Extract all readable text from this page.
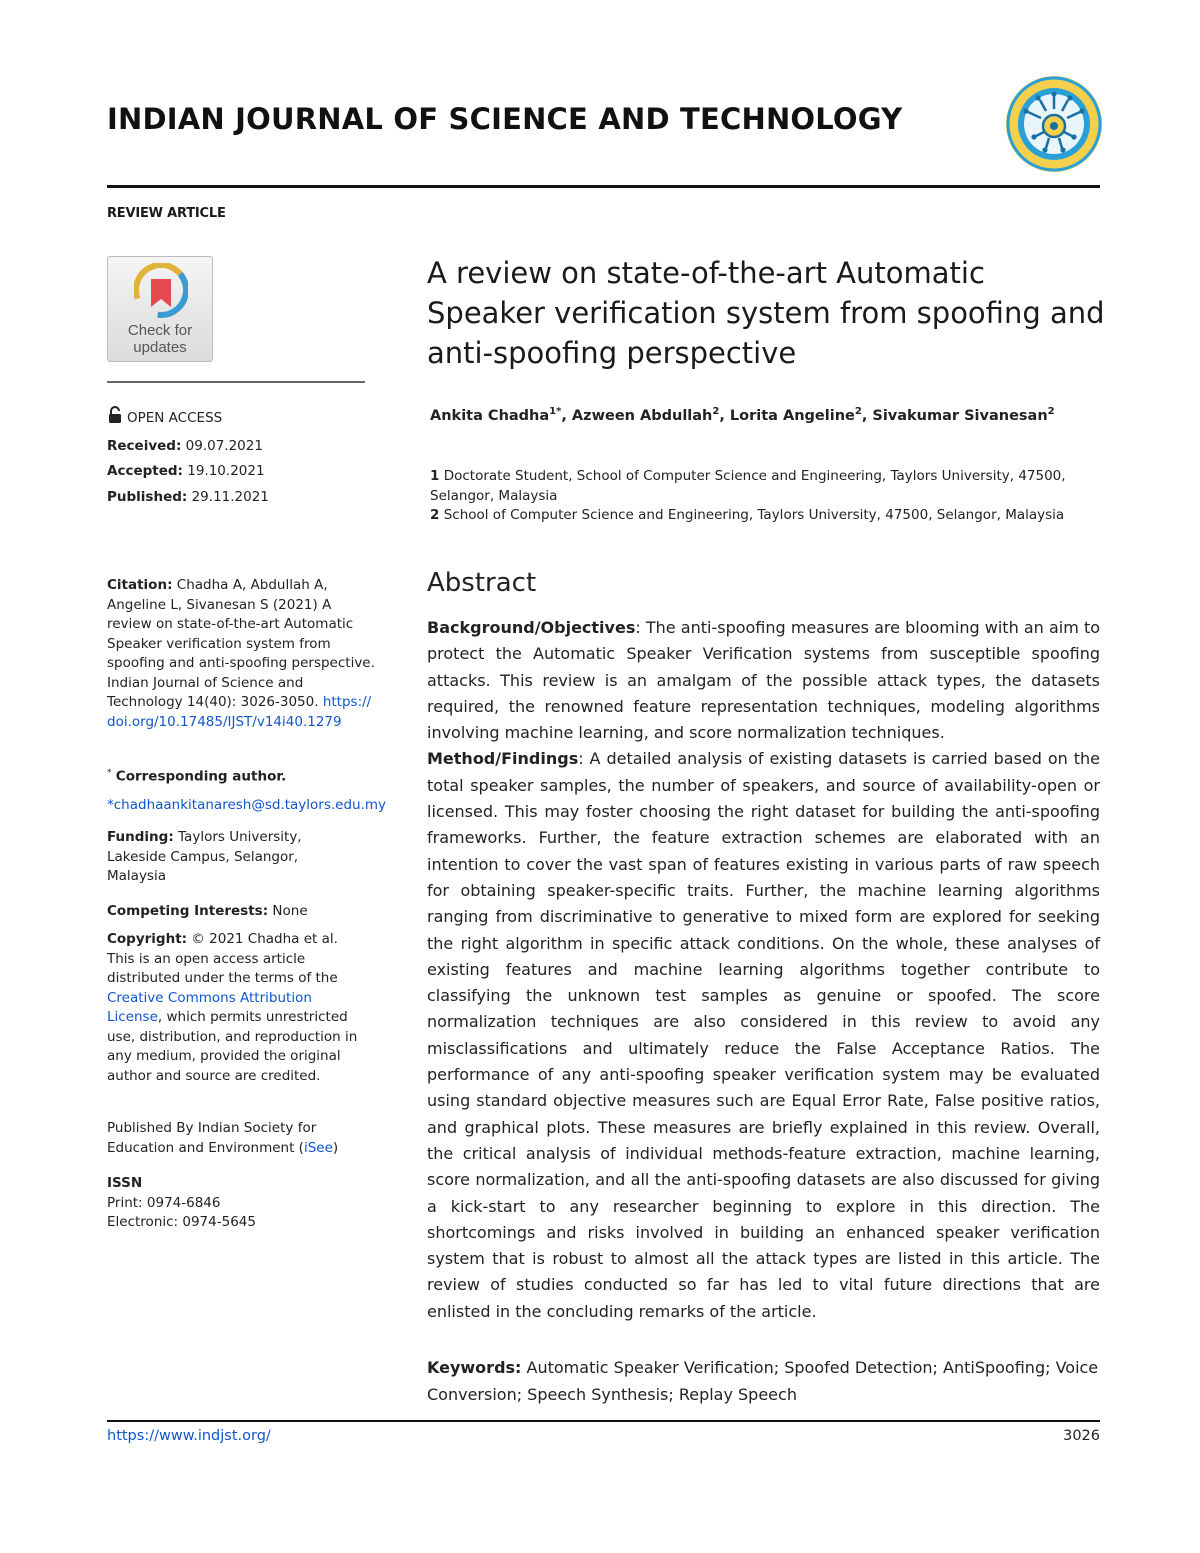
INDIAN JOURNAL OF SCIENCE AND TECHNOLOGY
REVIEW ARTICLE
Check for
updates
OPEN ACCESS
Received: 09.07.2021
Accepted: 19.10.2021
Published: 29.11.2021
Citation: Chadha A, Abdullah A, Angeline L, Sivanesan S (2021) A review on state-of-the-art Automatic Speaker verification system from spoofing and anti-spoofing perspective. Indian Journal of Science and Technology 14(40): 3026-3050. https://doi.org/10.17485/IJST/v14i40.1279
* Corresponding author.
*chadhaankitanaresh@sd.taylors.edu.my
Funding: Taylors University, Lakeside Campus, Selangor, Malaysia
Competing Interests: None
Copyright: © 2021 Chadha et al. This is an open access article distributed under the terms of the Creative Commons Attribution License, which permits unrestricted use, distribution, and reproduction in any medium, provided the original author and source are credited.
Published By Indian Society for Education and Environment (iSee)
ISSN
Print: 0974-6846
Electronic: 0974-5645
A review on state-of-the-art Automatic Speaker verification system from spoofing and anti-spoofing perspective
Ankita Chadha$^{1*}$, Azween Abdullah$^2$, Lorita Angeline$^2$, Sivakumar Sivanesan$^2$
1 Doctorate Student, School of Computer Science and Engineering, Taylors University, 47500, Selangor, Malaysia
2 School of Computer Science and Engineering, Taylors University, 47500, Selangor, Malaysia
Abstract
Background/Objectives: The anti-spoofing measures are blooming with an aim to protect the Automatic Speaker Verification systems from susceptible spoofing attacks. This review is an amalgam of the possible attack types, the datasets required, the renowned feature representation techniques, modeling algorithms involving machine learning, and score normalization techniques.
Method/Findings: A detailed analysis of existing datasets is carried based on the total speaker samples, the number of speakers, and source of availability-open or licensed. This may foster choosing the right dataset for building the anti-spoofing frameworks. Further, the feature extraction schemes are elaborated with an intention to cover the vast span of features existing in various parts of raw speech for obtaining speaker-specific traits. Further, the machine learning algorithms ranging from discriminative to generative to mixed form are explored for seeking the right algorithm in specific attack conditions. On the whole, these analyses of existing features and machine learning algorithms together contribute to classifying the unknown test samples as genuine or spoofed. The score normalization techniques are also considered in this review to avoid any misclassifications and ultimately reduce the False Acceptance Ratios. The performance of any anti-spoofing speaker verification system may be evaluated using standard objective measures such are Equal Error Rate, False positive ratios, and graphical plots. These measures are briefly explained in this review. Overall, the critical analysis of individual methods-feature extraction, machine learning, score normalization, and all the anti-spoofing datasets are also discussed for giving a kick-start to any researcher beginning to explore in this direction. The shortcomings and risks involved in building an enhanced speaker verification system that is robust to almost all the attack types are listed in this article. The review of studies conducted so far has led to vital future directions that are enlisted in the concluding remarks of the article.
Keywords: Automatic Speaker Verification; Spoofed Detection; AntiSpoofing; Voice Conversion; Speech Synthesis; Replay Speech
https://www.indjst.org/	3026
